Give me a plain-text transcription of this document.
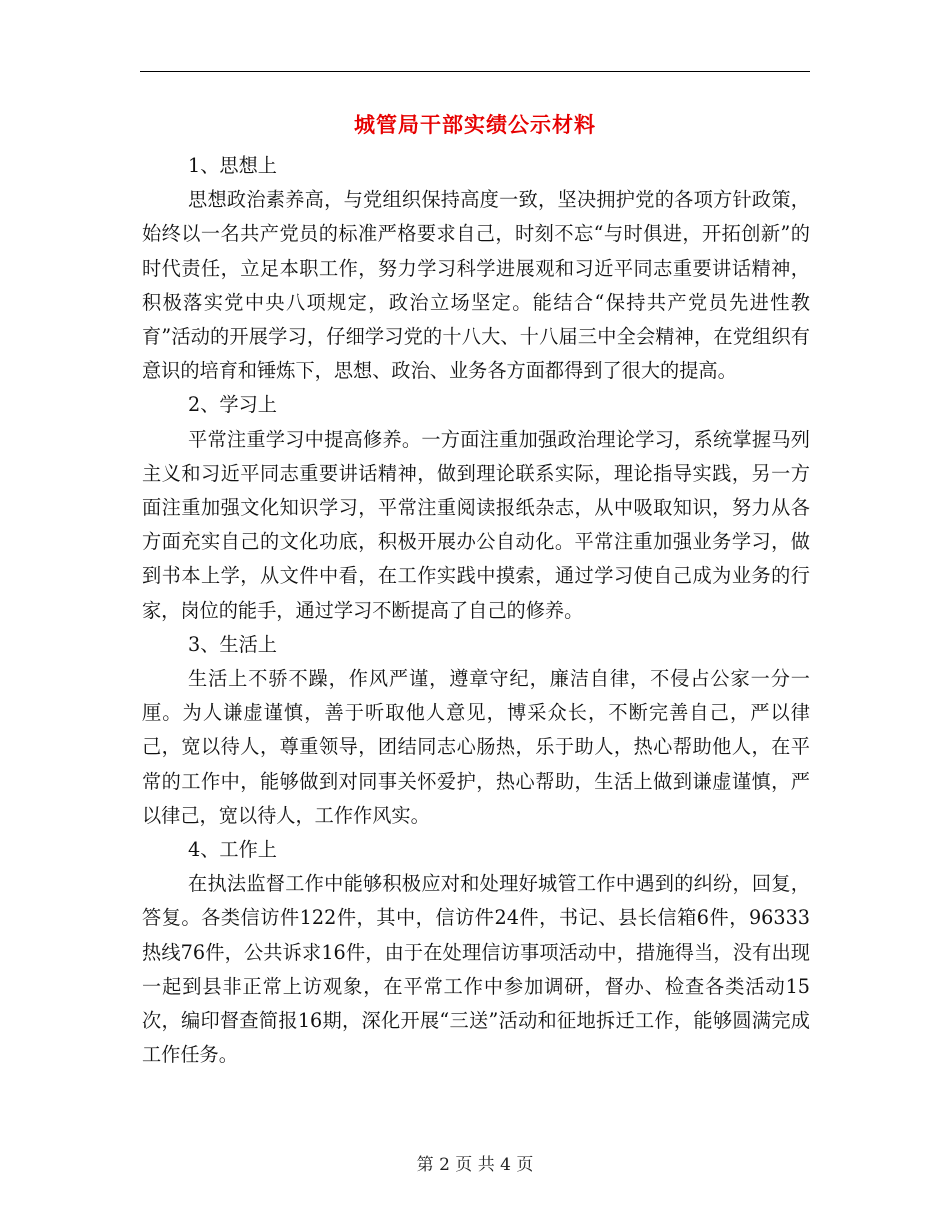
城管局干部实绩公示材料

1、思想上

思想政治素养高，与党组织保持高度一致，坚决拥护党的各项方针政策，始终以一名共产党员的标准严格要求自己，时刻不忘“与时俱进，开拓创新”的时代责任，立足本职工作，努力学习科学进展观和习近平同志重要讲话精神，积极落实党中央八项规定，政治立场坚定。能结合“保持共产党员先进性教育”活动的开展学习，仔细学习党的十八大、十八届三中全会精神，在党组织有意识的培育和锤炼下，思想、政治、业务各方面都得到了很大的提高。

2、学习上

平常注重学习中提高修养。一方面注重加强政治理论学习，系统掌握马列主义和习近平同志重要讲话精神，做到理论联系实际，理论指导实践，另一方面注重加强文化知识学习，平常注重阅读报纸杂志，从中吸取知识，努力从各方面充实自己的文化功底，积极开展办公自动化。平常注重加强业务学习，做到书本上学，从文件中看，在工作实践中摸索，通过学习使自己成为业务的行家，岗位的能手，通过学习不断提高了自己的修养。

3、生活上

生活上不骄不躁，作风严谨，遵章守纪，廉洁自律，不侵占公家一分一厘。为人谦虚谨慎，善于听取他人意见，博采众长，不断完善自己，严以律己，宽以待人，尊重领导，团结同志心肠热，乐于助人，热心帮助他人，在平常的工作中，能够做到对同事关怀爱护，热心帮助，生活上做到谦虚谨慎，严以律己，宽以待人，工作作风实。

4、工作上

在执法监督工作中能够积极应对和处理好城管工作中遇到的纠纷，回复，答复。各类信访件122件，其中，信访件24件，书记、县长信箱6件，96333热线76件，公共诉求16件，由于在处理信访事项活动中，措施得当，没有出现一起到县非正常上访观象，在平常工作中参加调研，督办、检查各类活动15次，编印督查简报16期，深化开展“三送”活动和征地拆迁工作，能够圆满完成工作任务。

第 2 页 共 4 页
